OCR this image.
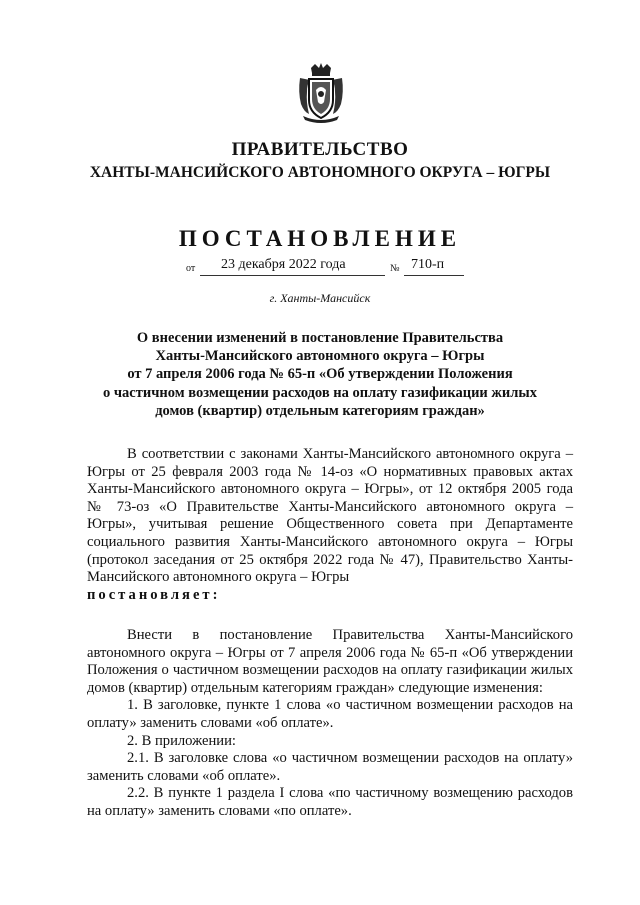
ПРАВИТЕЛЬСТВО
ХАНТЫ-МАНСИЙСКОГО АВТОНОМНОГО ОКРУГА – ЮГРЫ
ПОСТАНОВЛЕНИЕ
от 23 декабря 2022 года	№ 710-п
г. Ханты-Мансийск
О внесении изменений в постановление Правительства
Ханты-Мансийского автономного округа – Югры
от 7 апреля 2006 года № 65-п «Об утверждении Положения
о частичном возмещении расходов на оплату газификации жилых
домов (квартир) отдельным категориям граждан»
В соответствии с законами Ханты-Мансийского автономного округа – Югры от 25 февраля 2003 года № 14-оз «О нормативных правовых актах Ханты-Мансийского автономного округа – Югры», от 12 октября 2005 года № 73-оз «О Правительстве Ханты-Мансийского автономного округа – Югры», учитывая решение Общественного совета при Департаменте социального развития Ханты-Мансийского автономного округа – Югры (протокол заседания от 25 октября 2022 года № 47), Правительство Ханты-Мансийского автономного округа – Югры
постановляет:
Внести в постановление Правительства Ханты-Мансийского автономного округа – Югры от 7 апреля 2006 года № 65-п «Об утверждении Положения о частичном возмещении расходов на оплату газификации жилых домов (квартир) отдельным категориям граждан» следующие изменения:
1. В заголовке, пункте 1 слова «о частичном возмещении расходов на оплату» заменить словами «об оплате».
2. В приложении:
2.1. В заголовке слова «о частичном возмещении расходов на оплату» заменить словами «об оплате».
2.2. В пункте 1 раздела I слова «по частичному возмещению расходов на оплату» заменить словами «по оплате».
